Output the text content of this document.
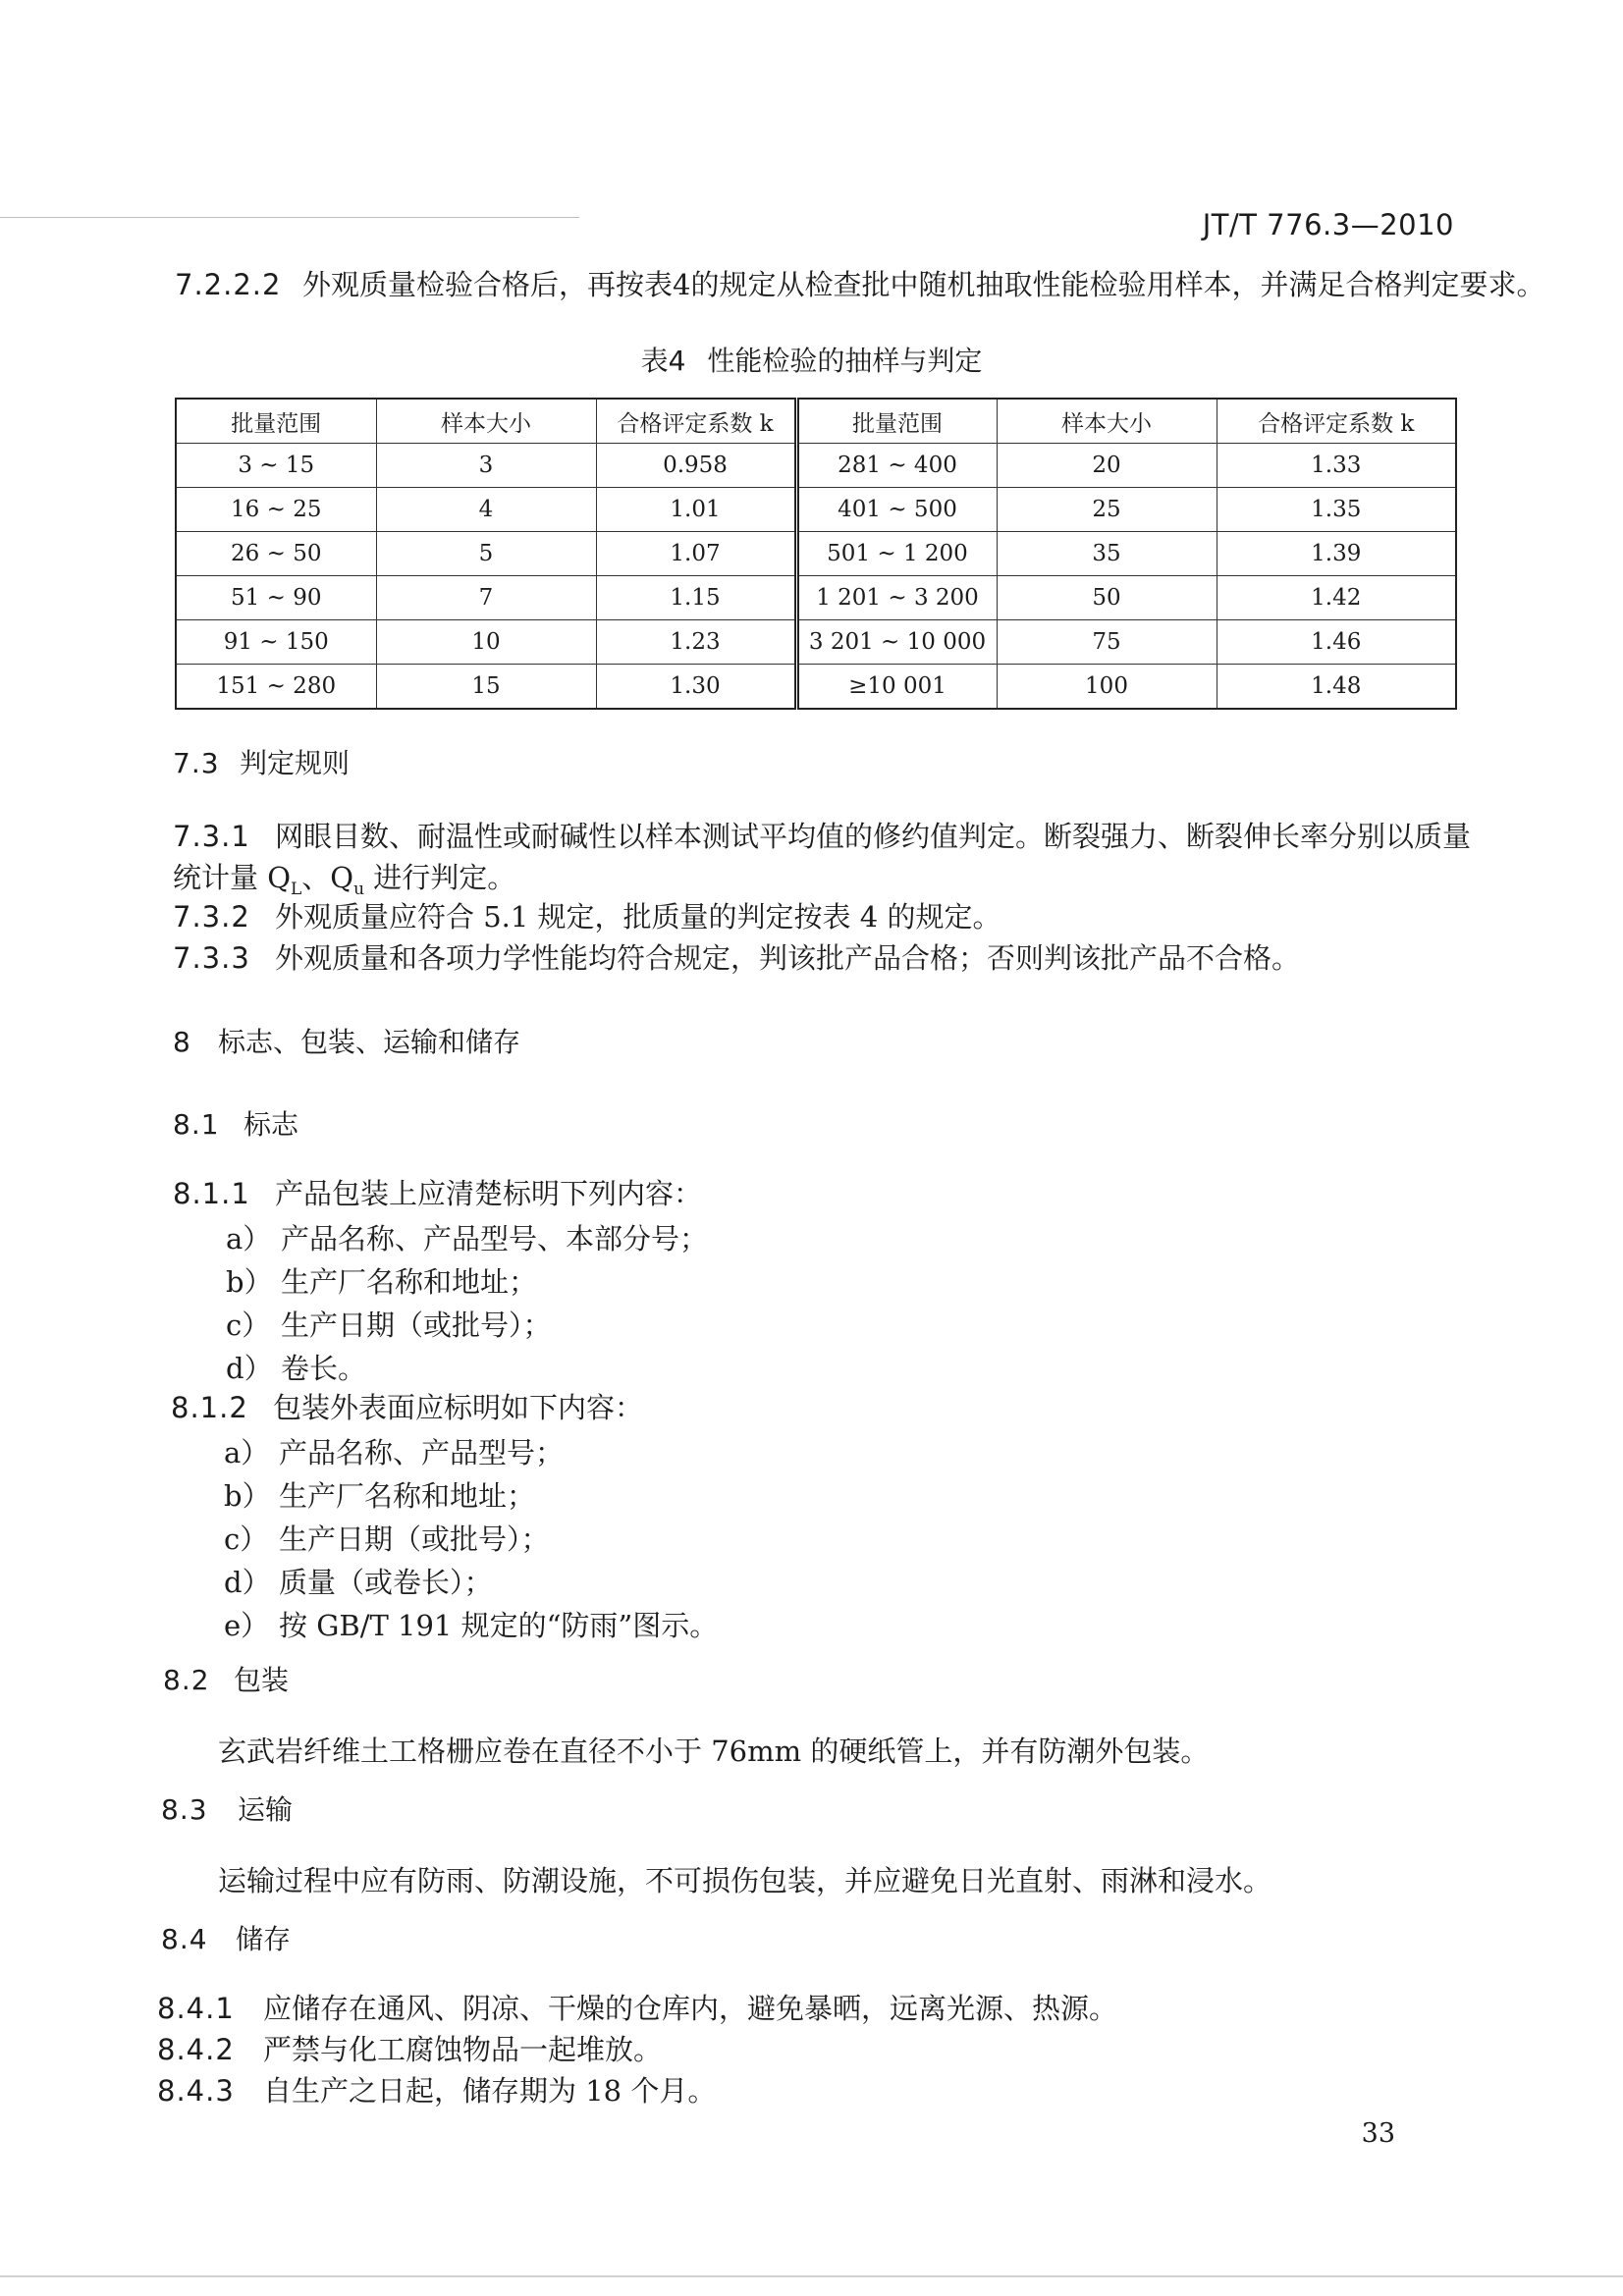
JT/T 776.3—2010
7.2.2.2 外观质量检验合格后，再按表4的规定从检查批中随机抽取性能检验用样本，并满足合格判定要求。
表4 性能检验的抽样与判定
批量范围	样本大小	合格评定系数 k	批量范围	样本大小	合格评定系数 k
3 ~ 15	3	0.958	281 ~ 400	20	1.33
16 ~ 25	4	1.01	401 ~ 500	25	1.35
26 ~ 50	5	1.07	501 ~ 1 200	35	1.39
51 ~ 90	7	1.15	1 201 ~ 3 200	50	1.42
91 ~ 150	10	1.23	3 201 ~ 10 000	75	1.46
151 ~ 280	15	1.30	≥10 001	100	1.48
7.3 判定规则
7.3.1 网眼目数、耐温性或耐碱性以样本测试平均值的修约值判定。断裂强力、断裂伸长率分别以质量
统计量 $Q_L$、$Q_u$ 进行判定。
7.3.2 外观质量应符合 5.1 规定，批质量的判定按表 4 的规定。
7.3.3 外观质量和各项力学性能均符合规定，判该批产品合格；否则判该批产品不合格。
8 标志、包装、运输和储存
8.1 标志
8.1.1 产品包装上应清楚标明下列内容：
a） 产品名称、产品型号、本部分号；
b） 生产厂名称和地址；
c） 生产日期（或批号）；
d） 卷长。
8.1.2 包装外表面应标明如下内容：
a） 产品名称、产品型号；
b） 生产厂名称和地址；
c） 生产日期（或批号）；
d） 质量（或卷长）；
e） 按 GB/T 191 规定的“防雨”图示。
8.2 包装
玄武岩纤维土工格栅应卷在直径不小于 76mm 的硬纸管上，并有防潮外包装。
8.3 运输
运输过程中应有防雨、防潮设施，不可损伤包装，并应避免日光直射、雨淋和浸水。
8.4 储存
8.4.1 应储存在通风、阴凉、干燥的仓库内，避免暴晒，远离光源、热源。
8.4.2 严禁与化工腐蚀物品一起堆放。
8.4.3 自生产之日起，储存期为 18 个月。
33
